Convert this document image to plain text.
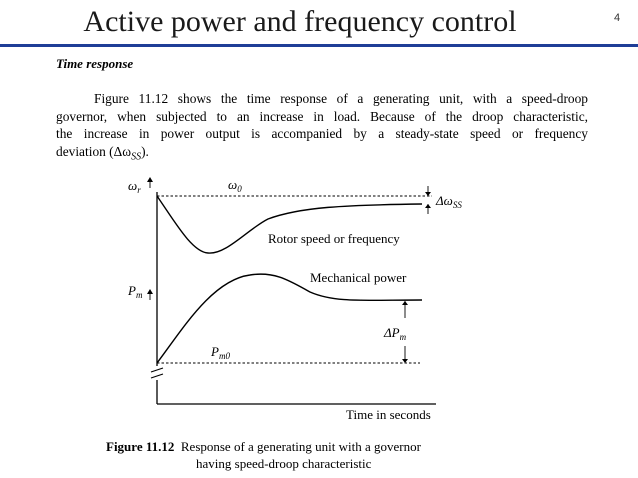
Active power and frequency control	4
Time response

Figure 11.12 shows the time response of a generating unit, with a speed-droop
governor, when subjected to an increase in load. Because of the droop characteristic,
the increase in power output is accompanied by a steady-state speed or frequency
deviation $(\Delta\omega_{SS})$.

$\omega_r$	$\omega_0$
$\Delta\omega_{SS}$
Rotor speed or frequency
Mechanical power
$P_m$
$\Delta P_m$
$P_{m0}$
Time in seconds
Figure 11.12 Response of a generating unit with a governor
having speed-droop characteristic
